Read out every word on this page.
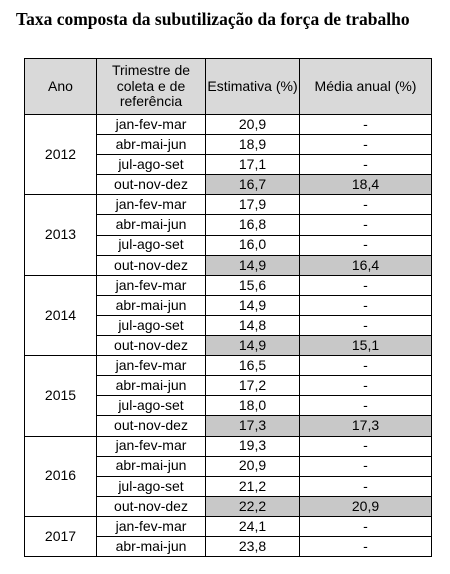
Taxa composta da subutilização da força de trabalho
Ano	Trimestre de coleta e de referência	Estimativa (%)	Média anual (%)
2012	jan-fev-mar	20,9	-
	abr-mai-jun	18,9	-
	jul-ago-set	17,1	-
	out-nov-dez	16,7	18,4
2013	jan-fev-mar	17,9	-
	abr-mai-jun	16,8	-
	jul-ago-set	16,0	-
	out-nov-dez	14,9	16,4
2014	jan-fev-mar	15,6	-
	abr-mai-jun	14,9	-
	jul-ago-set	14,8	-
	out-nov-dez	14,9	15,1
2015	jan-fev-mar	16,5	-
	abr-mai-jun	17,2	-
	jul-ago-set	18,0	-
	out-nov-dez	17,3	17,3
2016	jan-fev-mar	19,3	-
	abr-mai-jun	20,9	-
	jul-ago-set	21,2	-
	out-nov-dez	22,2	20,9
2017	jan-fev-mar	24,1	-
	abr-mai-jun	23,8	-
